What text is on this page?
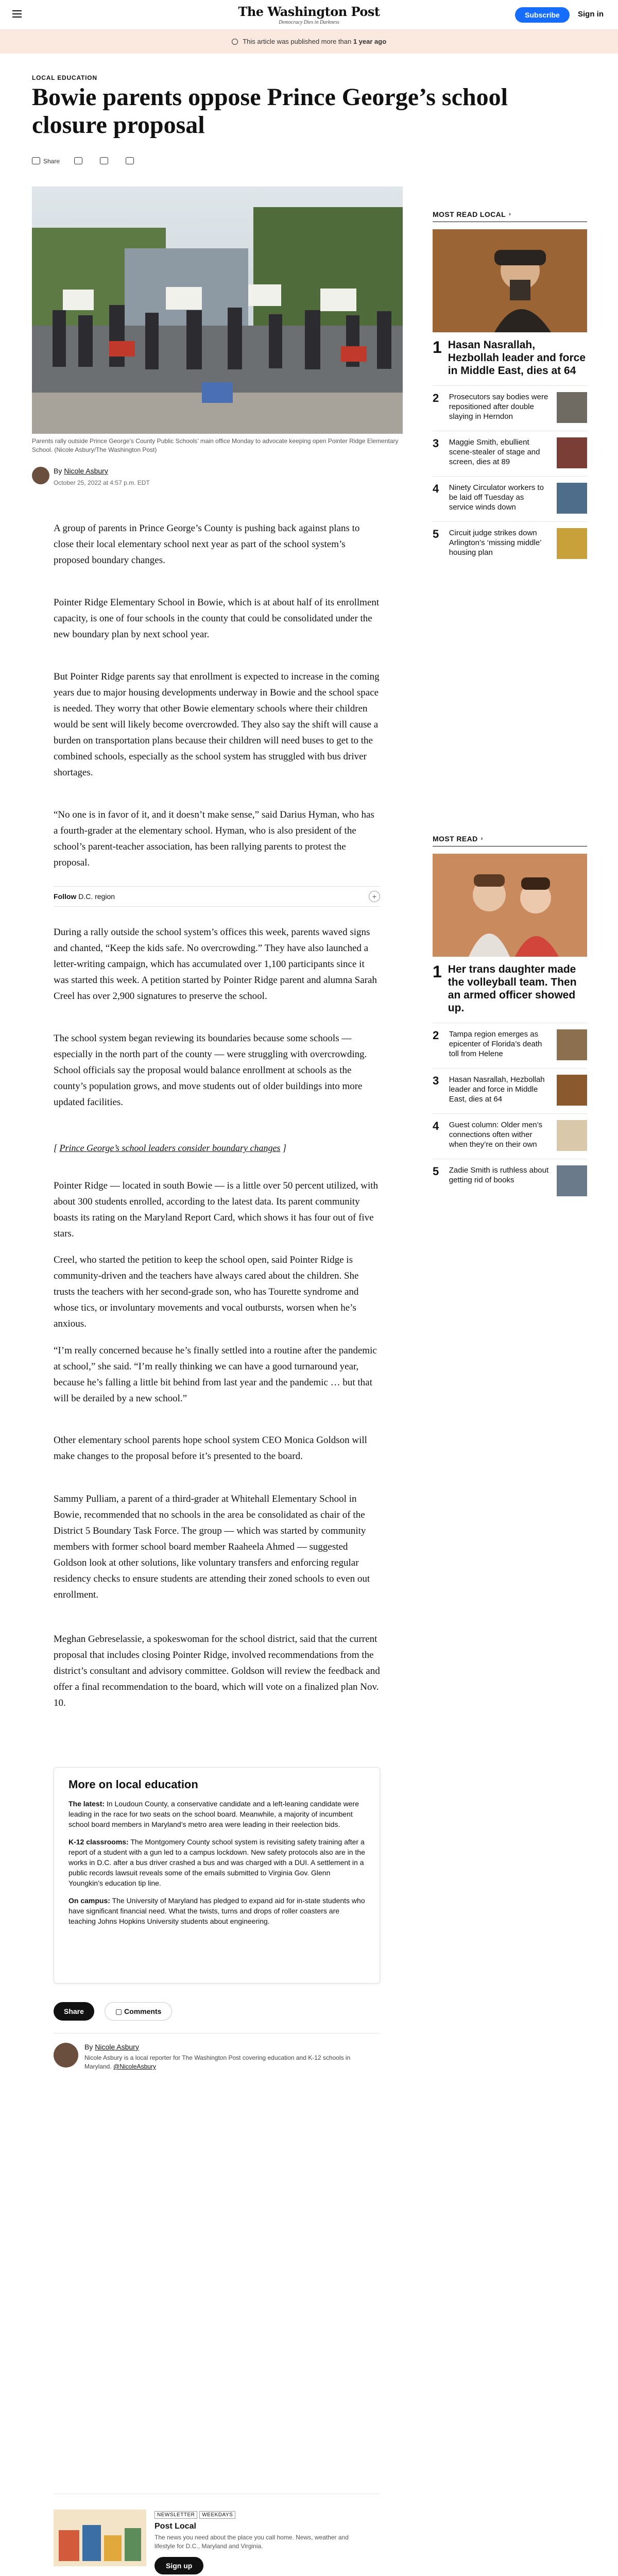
The Washington Post
Democracy Dies in Darkness
Subscribe	Sign in
This article was published more than 1 year ago
LOCAL EDUCATION
Bowie parents oppose Prince George’s school closure proposal
Share
Parents rally outside Prince George’s County Public Schools’ main office Monday to advocate keeping open Pointer Ridge Elementary School. (Nicole Asbury/The Washington Post)
By Nicole Asbury
October 25, 2022 at 4:57 p.m. EDT

A group of parents in Prince George’s County is pushing back against plans to close their local elementary school next year as part of the school system’s proposed boundary changes.

Pointer Ridge Elementary School in Bowie, which is at about half of its enrollment capacity, is one of four schools in the county that could be consolidated under the new boundary plan by next school year.

But Pointer Ridge parents say that enrollment is expected to increase in the coming years due to major housing developments underway in Bowie and the school space is needed. They worry that other Bowie elementary schools where their children would be sent will likely become overcrowded. They also say the shift will cause a burden on transportation plans because their children will need buses to get to the combined schools, especially as the school system has struggled with bus driver shortages.

“No one is in favor of it, and it doesn’t make sense,” said Darius Hyman, who has a fourth-grader at the elementary school. Hyman, who is also president of the school’s parent-teacher association, has been rallying parents to protest the proposal.

Follow D.C. region	+

During a rally outside the school system’s offices this week, parents waved signs and chanted, “Keep the kids safe. No overcrowding.” They have also launched a letter-writing campaign, which has accumulated over 1,100 participants since it was started this week. A petition started by Pointer Ridge parent and alumna Sarah Creel has over 2,900 signatures to preserve the school.

The school system began reviewing its boundaries because some schools — especially in the north part of the county — were struggling with overcrowding. School officials say the proposal would balance enrollment at schools as the county’s population grows, and move students out of older buildings into more updated facilities.

[ Prince George’s school leaders consider boundary changes ]

Pointer Ridge — located in south Bowie — is a little over 50 percent utilized, with about 300 students enrolled, according to the latest data. Its parent community boasts its rating on the Maryland Report Card, which shows it has four out of five stars.

Creel, who started the petition to keep the school open, said Pointer Ridge is community-driven and the teachers have always cared about the children. She trusts the teachers with her second-grade son, who has Tourette syndrome and whose tics, or involuntary movements and vocal outbursts, worsen when he’s anxious.

“I’m really concerned because he’s finally settled into a routine after the pandemic at school,” she said. “I’m really thinking we can have a good turnaround year, because he’s falling a little bit behind from last year and the pandemic … but that will be derailed by a new school.”

Other elementary school parents hope school system CEO Monica Goldson will make changes to the proposal before it’s presented to the board.

Sammy Pulliam, a parent of a third-grader at Whitehall Elementary School in Bowie, recommended that no schools in the area be consolidated as chair of the District 5 Boundary Task Force. The group — which was started by community members with former school board member Raaheela Ahmed — suggested Goldson look at other solutions, like voluntary transfers and enforcing regular residency checks to ensure students are attending their zoned schools to even out enrollment.

Meghan Gebreselassie, a spokeswoman for the school district, said that the current proposal that includes closing Pointer Ridge, involved recommendations from the district’s consultant and advisory committee. Goldson will review the feedback and offer a final recommendation to the board, which will vote on a finalized plan Nov. 10.

More on local education

The latest: In Loudoun County, a conservative candidate and a left-leaning candidate were leading in the race for two seats on the school board. Meanwhile, a majority of incumbent school board members in Maryland’s metro area were leading in their reelection bids.

K-12 classrooms: The Montgomery County school system is revisiting safety training after a report of a student with a gun led to a campus lockdown. New safety protocols also are in the works in D.C. after a bus driver crashed a bus and was charged with a DUI. A settlement in a public records lawsuit reveals some of the emails submitted to Virginia Gov. Glenn Youngkin’s education tip line.

On campus: The University of Maryland has pledged to expand aid for in-state students who have significant financial need. What the twists, turns and drops of roller coasters are teaching Johns Hopkins University students about engineering.

Share	▢ Comments
By Nicole Asbury
Nicole Asbury is a local reporter for The Washington Post covering education and K-12 schools in Maryland. @NicoleAsbury
NEWSLETTER WEEKDAYS
Post Local
The news you need about the place you call home. News, weather and lifestyle for D.C., Maryland and Virginia.
Sign up
MOST READ LOCAL ›
1 Hasan Nasrallah, Hezbollah leader and force in Middle East, dies at 64
2	Prosecutors say bodies were repositioned after double slaying in Herndon
3	Maggie Smith, ebullient scene-stealer of stage and screen, dies at 89
4	Ninety Circulator workers to be laid off Tuesday as service winds down
5	Circuit judge strikes down Arlington’s ‘missing middle’ housing plan
MOST READ ›
1 Her trans daughter made the volleyball team. Then an armed officer showed up.
2	Tampa region emerges as epicenter of Florida’s death toll from Helene
3	Hasan Nasrallah, Hezbollah leader and force in Middle East, dies at 64
4	Guest column: Older men’s connections often wither when they’re on their own
5	Zadie Smith is ruthless about getting rid of books
